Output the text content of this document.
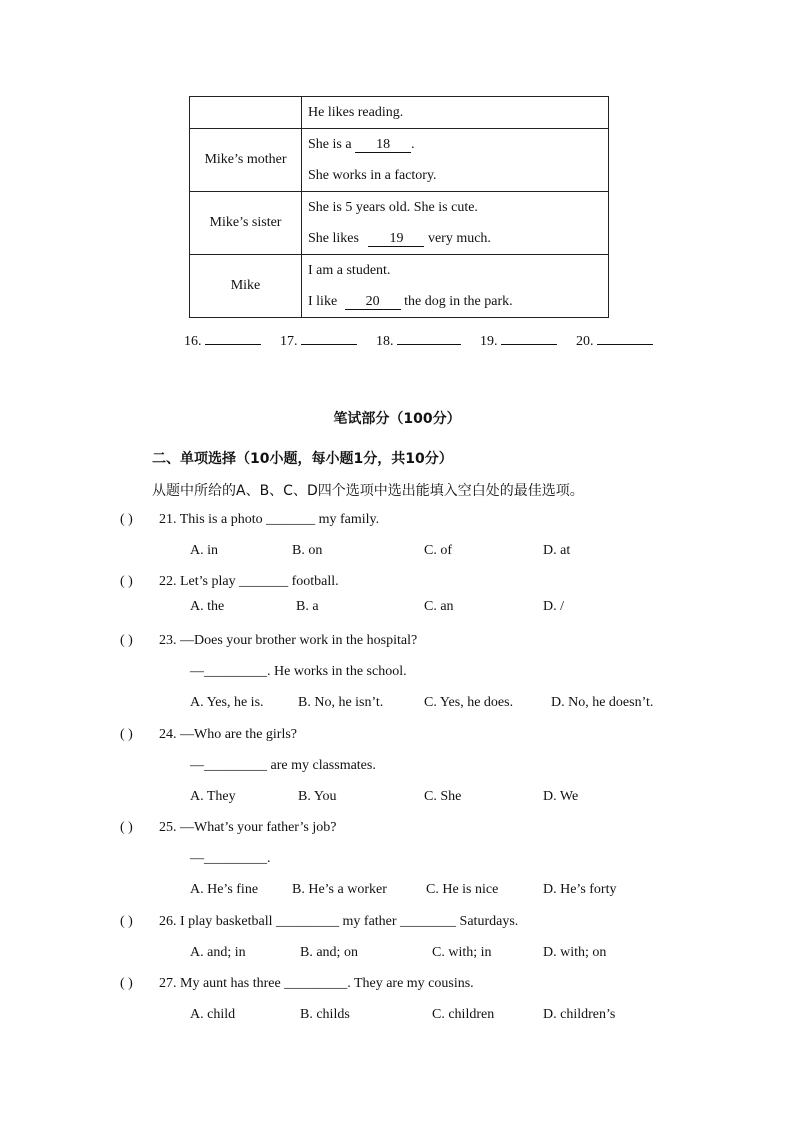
	He likes reading.

Mike’s mother	She is a 18 .
She works in a factory.

Mike’s sister	She is 5 years old. She is cute.
She likes 19 very much.

Mike	I am a student.
I like 20 the dog in the park.
16.	17.	18.	19.	20.
笔试部分（100分）
二、单项选择（10小题，每小题1分，共10分）
从题中所给的A、B、C、D四个选项中选出能填入空白处的最佳选项。
( ) 21. This is a photo _______ my family.
A. in	B. on	C. of	D. at
( ) 22. Let’s play _______ football.
A. the	B. a	C. an	D. /
( ) 23. —Does your brother work in the hospital?
—_________. He works in the school.
A. Yes, he is. B. No, he isn’t.	C. Yes, he does.	D. No, he doesn’t.
( ) 24. —Who are the girls?
—_________ are my classmates.
A. They	B. You	C. She	D. We
( ) 25. —What’s your father’s job?
—_________.
A. He’s fine B. He’s a worker	C. He is nice	D. He’s forty
( ) 26. I play basketball _________ my father ________ Saturdays.
A. and; in	B. and; on	C. with; in	D. with; on
( ) 27. My aunt has three _________. They are my cousins.
A. child	B. childs	C. children	D. children’s
